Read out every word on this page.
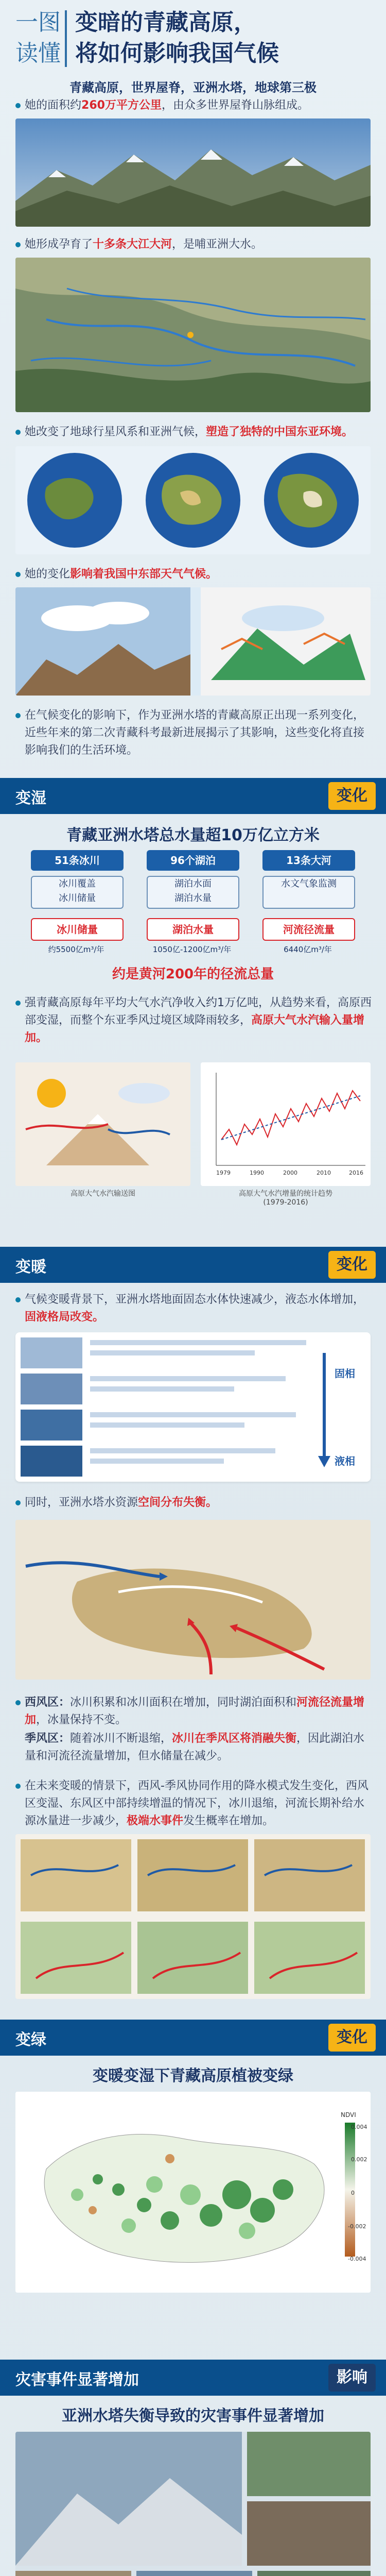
一图
读懂
变暗的青藏高原，
将如何影响我国气候
青藏高原，世界屋脊，亚洲水塔，地球第三极
她的面积约260万平方公里，由众多世界屋脊山脉组成。
她形成孕育了十多条大江大河，是哺亚洲大水。
她改变了地球行星风系和亚洲气候，塑造了独特的中国东亚环境。
她的变化影响着我国中东部天气气候。
在气候变化的影响下，作为亚洲水塔的青藏高原正出现一系列变化，近些年来的第二次青藏科考最新进展揭示了其影响，这些变化将直接影响我们的生活环境。
变湿	变化
青藏亚洲水塔总水量超10万亿立方米
51条冰川	96个湖泊	13条大河
冰川覆盖
冰川储量
湖泊水面
湖泊水量
水文气象监测
冰川储量	湖泊水量	河流径流量
约5500亿m³/年	1050亿-1200亿m³/年	6440亿m³/年
约是黄河200年的径流总量
强青藏高原每年平均大气水汽净收入约1万亿吨，从趋势来看，高原西部变湿，而整个东亚季风过境区域降雨较多，高原大气水汽输入量增加。
高原大气水汽输送图
1979	1990	2000	2010	2016
高原大气水汽增量的统计趋势
(1979-2016)
变暖	变化
气候变暖背景下，亚洲水塔地面固态水体快速减少，液态水体增加，固液格局改变。
固相
液相
同时，亚洲水塔水资源空间分布失衡。
西风区：冰川积累和冰川面积在增加，同时湖泊面积和河流径流量增加，冰量保持不变。
季风区：随着冰川不断退缩，冰川在季风区将消融失衡，因此湖泊水量和河流径流量增加，但水储量在减少。
在未来变暖的情景下，西风-季风协同作用的降水模式发生变化，西风区变湿、东风区中部持续增温的情况下，冰川退缩，河流长期补给水源冰量进一步减少，极端水事件发生概率在增加。
变绿	变化
变暖变湿下青藏高原植被变绿
NDVI
0.004
0.002
0
-0.002
-0.004
灾害事件显著增加	影响
亚洲水塔失衡导致的灾害事件显著增加
